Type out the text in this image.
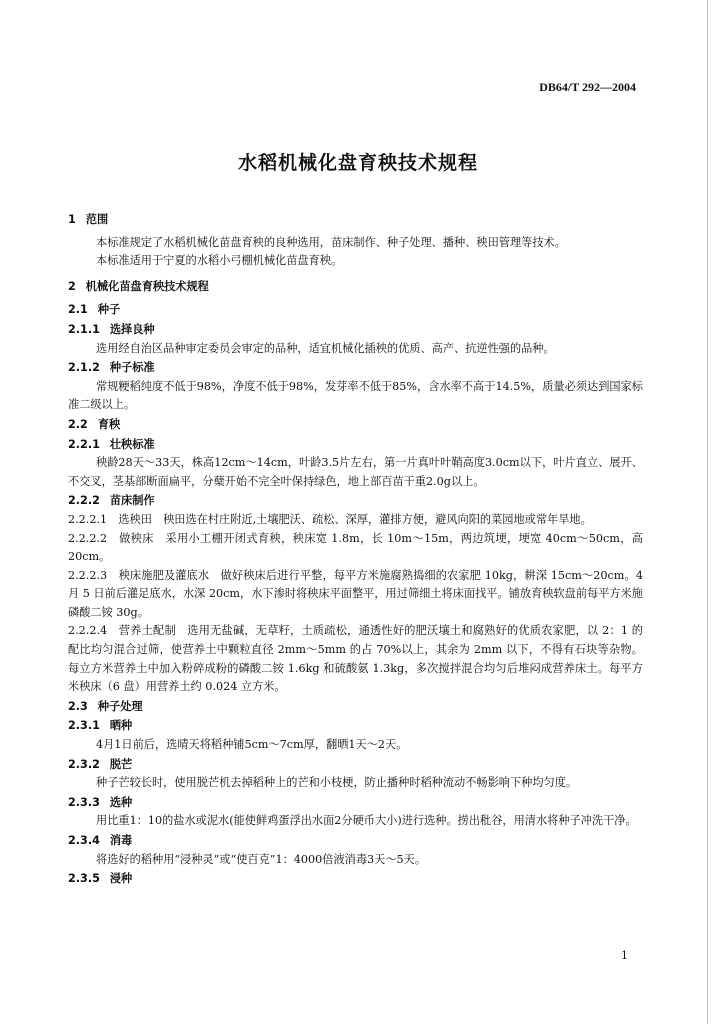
DB64/T 292—2004
水稻机械化盘育秧技术规程
1 范围
本标准规定了水稻机械化苗盘育秧的良种选用，苗床制作、种子处理、播种、秧田管理等技术。
本标准适用于宁夏的水稻小弓棚机械化苗盘育秧。
2 机械化苗盘育秧技术规程
2.1 种子
2.1.1 选择良种
选用经自治区品种审定委员会审定的品种，适宜机械化插秧的优质、高产、抗逆性强的品种。
2.1.2 种子标准
常规粳稻纯度不低于98%，净度不低于98%，发芽率不低于85%，含水率不高于14.5%，质量必须达到国家标准二级以上。
2.2 育秧
2.2.1 壮秧标准
秧龄28天～33天，株高12cm～14cm，叶龄3.5片左右，第一片真叶叶鞘高度3.0cm以下，叶片直立、展开、不交叉，茎基部断面扁平，分蘖开始不完全叶保持绿色，地上部百苗干重2.0g以上。
2.2.2 苗床制作
2.2.2.1　选秧田　秧田选在村庄附近,土壤肥沃、疏松、深厚，灌排方便，避风向阳的菜园地或常年旱地。
2.2.2.2　做秧床　采用小工棚开闭式育秧，秧床宽 1.8m，长 10m～15m，两边筑埂，埂宽 40cm～50cm，高 20cm。
2.2.2.3　秧床施肥及灌底水　做好秧床后进行平整，每平方米施腐熟捣细的农家肥 10kg，耕深 15cm～20cm。4 月 5 日前后灌足底水，水深 20cm，水下渗时将秧床平面整平，用过筛细土将床面找平。铺放育秧软盘前每平方米施磷酸二铵 30g。
2.2.2.4　营养土配制　选用无盐碱，无草籽，土质疏松，通透性好的肥沃壤土和腐熟好的优质农家肥，以 2：1 的配比均匀混合过筛，使营养土中颗粒直径 2mm～5mm 的占 70%以上，其余为 2mm 以下，不得有石块等杂物。每立方米营养土中加入粉碎成粉的磷酸二铵 1.6kg 和硫酸氨 1.3kg，多次搅拌混合均匀后堆闷成营养床土。每平方米秧床（6 盘）用营养土约 0.024 立方米。
2.3 种子处理
2.3.1 晒种
4月1日前后，选晴天将稻种铺5cm～7cm厚，翻晒1天～2天。
2.3.2 脱芒
种子芒较长时，使用脱芒机去掉稻种上的芒和小枝梗，防止播种时稻种流动不畅影响下种均匀度。
2.3.3 选种
用比重1：10的盐水或泥水(能使鲜鸡蛋浮出水面2分硬币大小)进行选种。捞出秕谷，用清水将种子冲洗干净。
2.3.4 消毒
将选好的稻种用“浸种灵”或“使百克”1：4000倍液消毒3天～5天。
2.3.5 浸种
1
